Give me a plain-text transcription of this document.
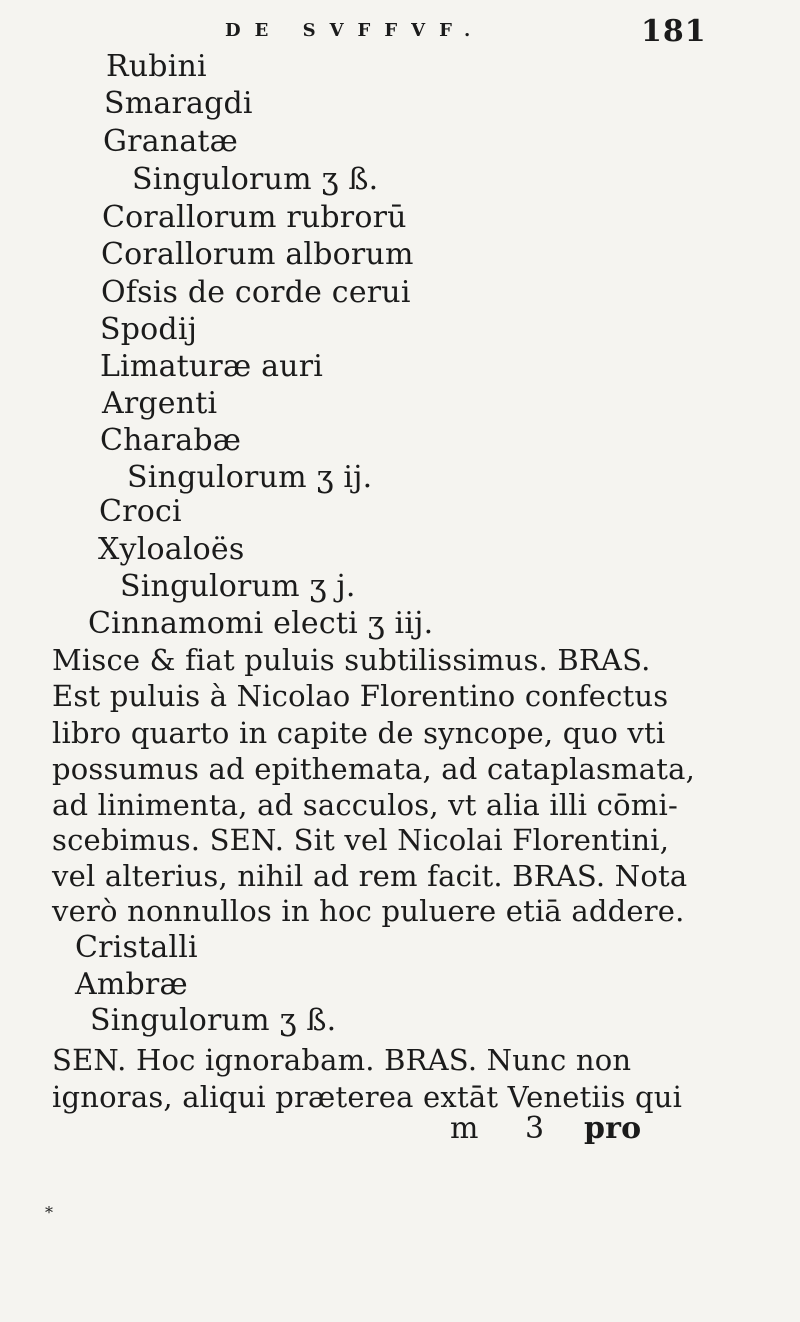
DE SVFFVF.	181
Rubini
Smaragdi
Granatæ
Singulorum ʒ ß.
Corallorum rubrorū
Corallorum alborum
Ofsis de corde cerui
Spodij
Limaturæ auri
Argenti
Charabæ
Singulorum ʒ ij.
Croci
Xyloaloës
Singulorum ʒ j.
Cinnamomi electi ʒ iij.
Misce & fiat puluis subtilissimus. BRAS.
Est puluis à Nicolao Florentino confectus
libro quarto in capite de syncope, quo vti
possumus ad epithemata, ad cataplasmata,
ad linimenta, ad sacculos, vt alia illi cōmi-
scebimus. SEN. Sit vel Nicolai Florentini,
vel alterius, nihil ad rem facit. BRAS. Nota
verò nonnullos in hoc puluere etiā addere.
Cristalli
Ambræ
Singulorum ʒ ß.
SEN. Hoc ignorabam. BRAS. Nunc non
ignoras, aliqui præterea extāt Venetiis qui
m 3 pro
*
